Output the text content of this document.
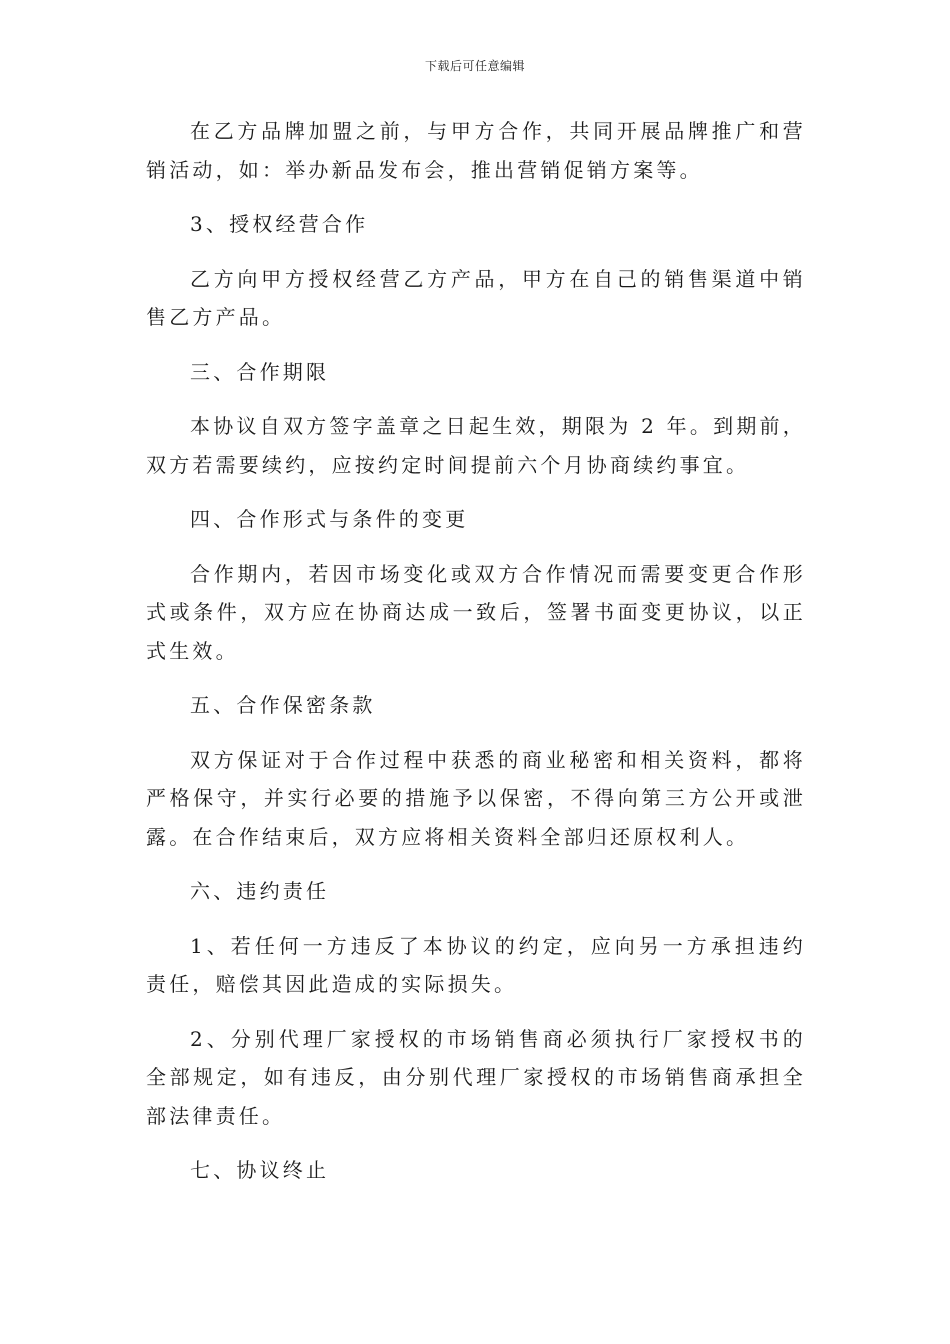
下载后可任意编辑

在乙方品牌加盟之前，与甲方合作，共同开展品牌推广和营销活动，如：举办新品发布会，推出营销促销方案等。

3、授权经营合作

乙方向甲方授权经营乙方产品，甲方在自己的销售渠道中销售乙方产品。

三、合作期限

本协议自双方签字盖章之日起生效，期限为 2 年。到期前，双方若需要续约，应按约定时间提前六个月协商续约事宜。

四、合作形式与条件的变更

合作期内，若因市场变化或双方合作情况而需要变更合作形式或条件，双方应在协商达成一致后，签署书面变更协议，以正式生效。

五、合作保密条款

双方保证对于合作过程中获悉的商业秘密和相关资料，都将严格保守，并实行必要的措施予以保密，不得向第三方公开或泄露。在合作结束后，双方应将相关资料全部归还原权利人。

六、违约责任

1、若任何一方违反了本协议的约定，应向另一方承担违约责任，赔偿其因此造成的实际损失。

2、分别代理厂家授权的市场销售商必须执行厂家授权书的全部规定，如有违反，由分别代理厂家授权的市场销售商承担全部法律责任。

七、协议终止
